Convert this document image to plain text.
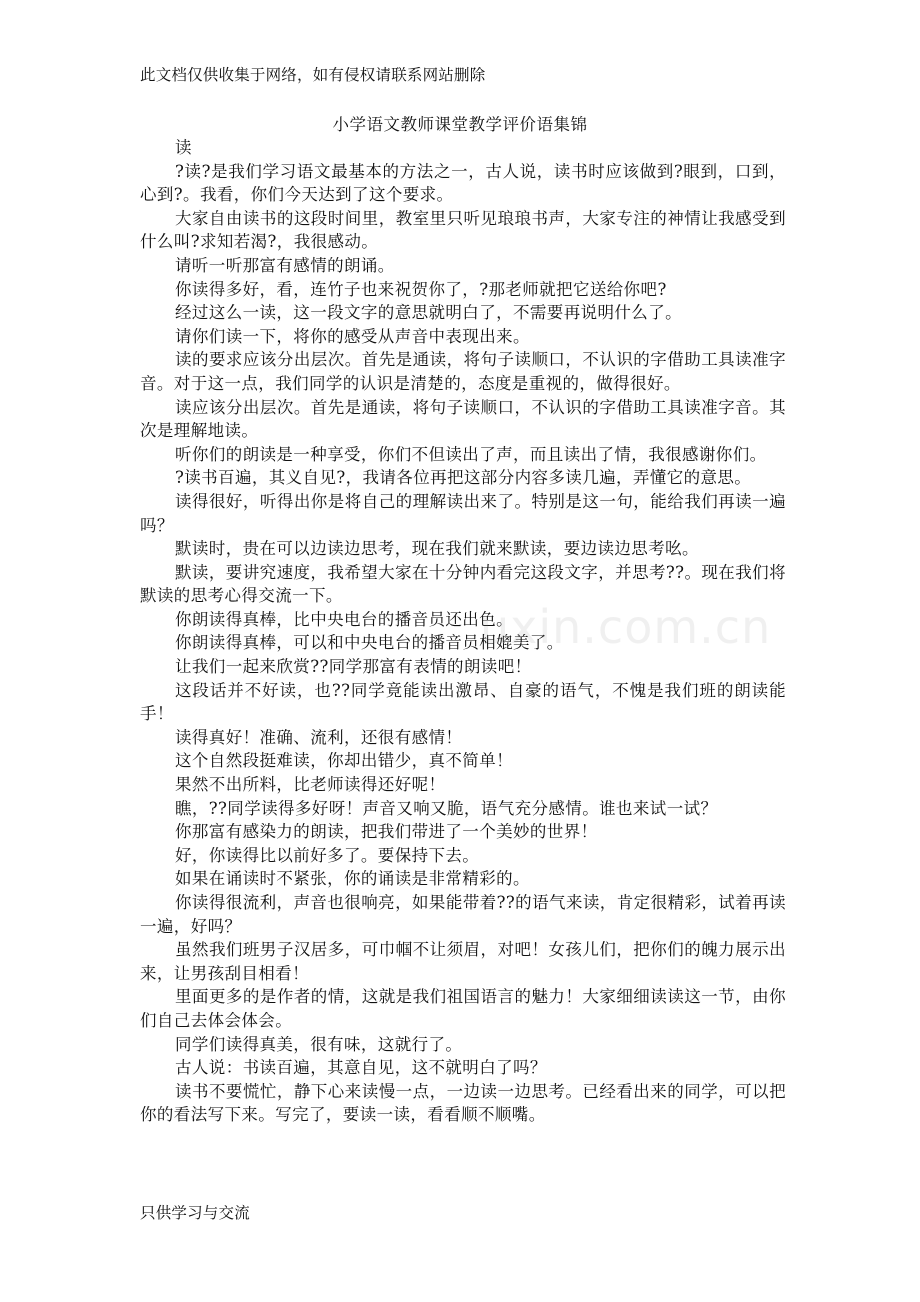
此文档仅供收集于网络，如有侵权请联系网站删除
小学语文教师课堂教学评价语集锦

读

?读?是我们学习语文最基本的方法之一，古人说，读书时应该做到?眼到，口到，心到?。我看，你们今天达到了这个要求。

大家自由读书的这段时间里，教室里只听见琅琅书声，大家专注的神情让我感受到什么叫?求知若渴?，我很感动。

请听一听那富有感情的朗诵。

你读得多好，看，连竹子也来祝贺你了，?那老师就把它送给你吧?

经过这么一读，这一段文字的意思就明白了，不需要再说明什么了。

请你们读一下，将你的感受从声音中表现出来。

读的要求应该分出层次。首先是通读，将句子读顺口，不认识的字借助工具读准字音。对于这一点，我们同学的认识是清楚的，态度是重视的，做得很好。

读应该分出层次。首先是通读，将句子读顺口，不认识的字借助工具读准字音。其次是理解地读。

听你们的朗读是一种享受，你们不但读出了声，而且读出了情，我很感谢你们。

?读书百遍，其义自见?，我请各位再把这部分内容多读几遍，弄懂它的意思。

读得很好，听得出你是将自己的理解读出来了。特别是这一句，能给我们再读一遍吗？

默读时，贵在可以边读边思考，现在我们就来默读，要边读边思考吆。

默读，要讲究速度，我希望大家在十分钟内看完这段文字，并思考??。现在我们将默读的思考心得交流一下。

你朗读得真棒，比中央电台的播音员还出色。

你朗读得真棒，可以和中央电台的播音员相媲美了。

让我们一起来欣赏??同学那富有表情的朗读吧！

这段话并不好读，也??同学竟能读出激昂、自豪的语气，不愧是我们班的朗读能手！

读得真好！准确、流利，还很有感情！

这个自然段挺难读，你却出错少，真不简单！

果然不出所料，比老师读得还好呢！

瞧，??同学读得多好呀！声音又响又脆，语气充分感情。谁也来试一试？

你那富有感染力的朗读，把我们带进了一个美妙的世界！

好，你读得比以前好多了。要保持下去。

如果在诵读时不紧张，你的诵读是非常精彩的。

你读得很流利，声音也很响亮，如果能带着??的语气来读，肯定很精彩，试着再读一遍，好吗？

虽然我们班男子汉居多，可巾帼不让须眉，对吧！女孩儿们，把你们的魄力展示出来，让男孩刮目相看！

里面更多的是作者的情，这就是我们祖国语言的魅力！大家细细读读这一节，由你们自己去体会体会。

同学们读得真美，很有味，这就行了。

古人说：书读百遍，其意自见，这不就明白了吗？

读书不要慌忙，静下心来读慢一点，一边读一边思考。已经看出来的同学，可以把你的看法写下来。写完了，要读一读，看看顺不顺嘴。

uxin.com.cn
只供学习与交流
